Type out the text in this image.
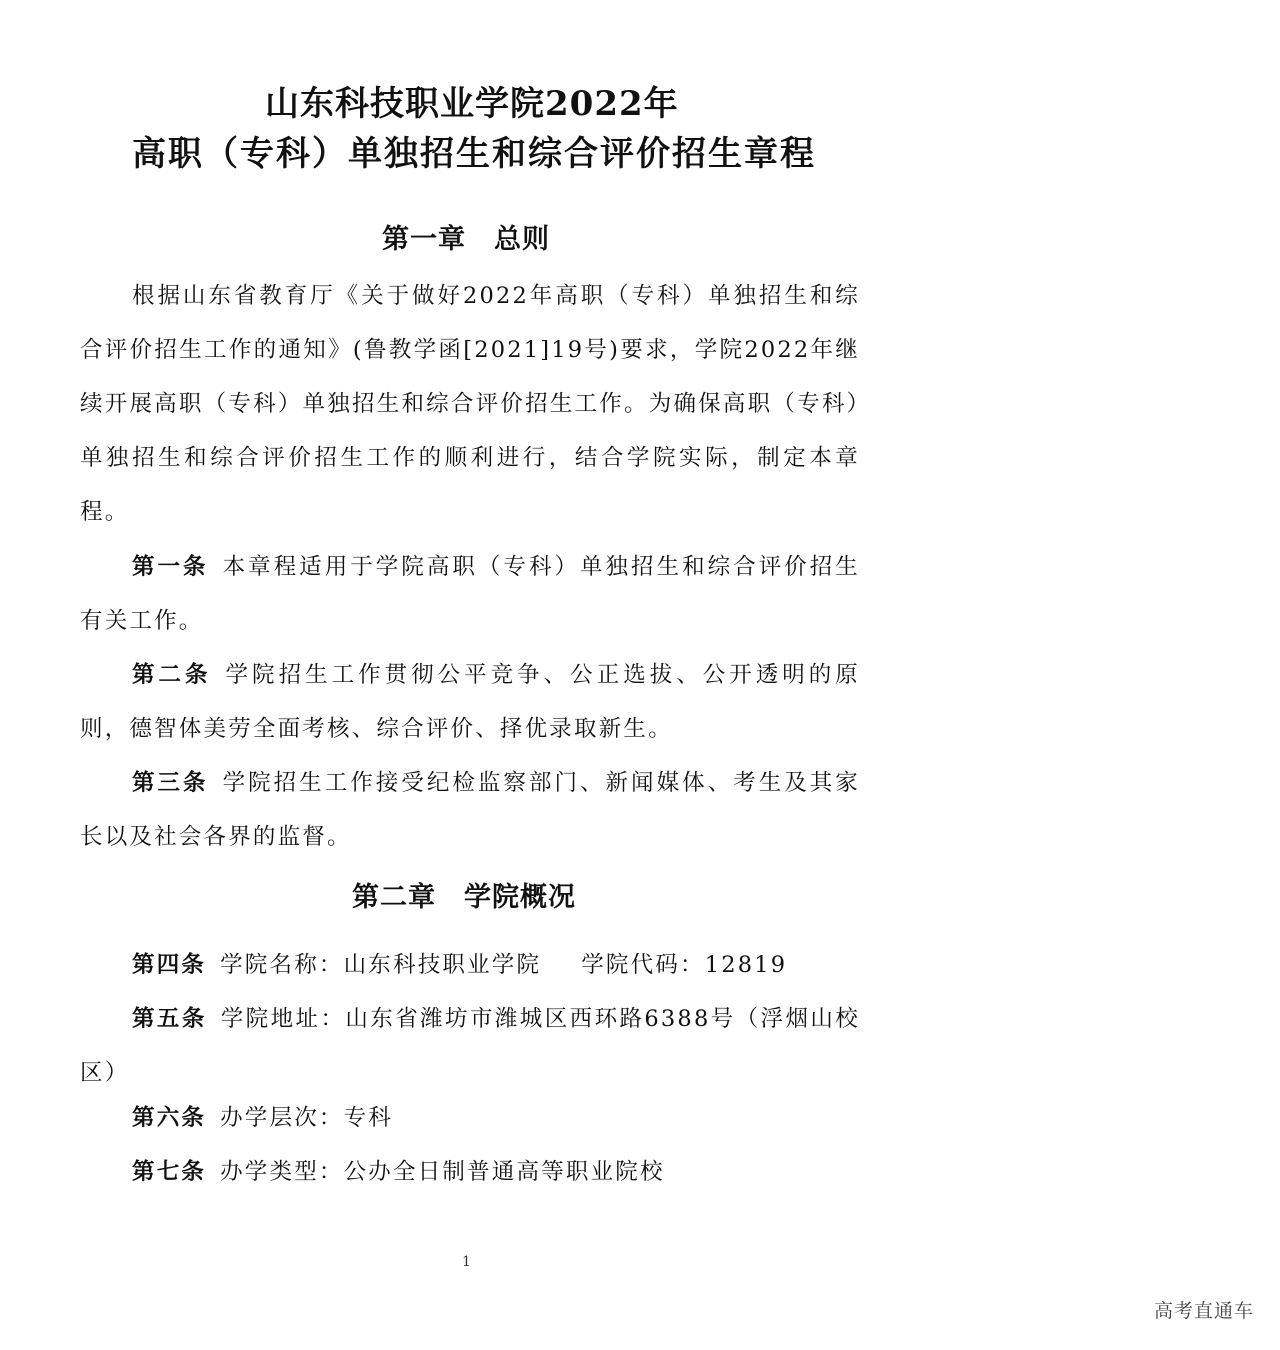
山东科技职业学院2022年
高职（专科）单独招生和综合评价招生章程
第一章　总则
根据山东省教育厅《关于做好2022年高职（专科）单独招生和综合评价招生工作的通知》(鲁教学函[2021]19号)要求，学院2022年继续开展高职（专科）单独招生和综合评价招生工作。为确保高职（专科）单独招生和综合评价招生工作的顺利进行，结合学院实际，制定本章程。
第一条 本章程适用于学院高职（专科）单独招生和综合评价招生有关工作。
第二条 学院招生工作贯彻公平竞争、公正选拔、公开透明的原则，德智体美劳全面考核、综合评价、择优录取新生。
第三条 学院招生工作接受纪检监察部门、新闻媒体、考生及其家长以及社会各界的监督。
第二章　学院概况
第四条 学院名称：山东科技职业学院 学院代码：12819
第五条 学院地址：山东省潍坊市潍城区西环路6388号（浮烟山校区）
第六条 办学层次：专科
第七条 办学类型：公办全日制普通高等职业院校
1
高考直通车
